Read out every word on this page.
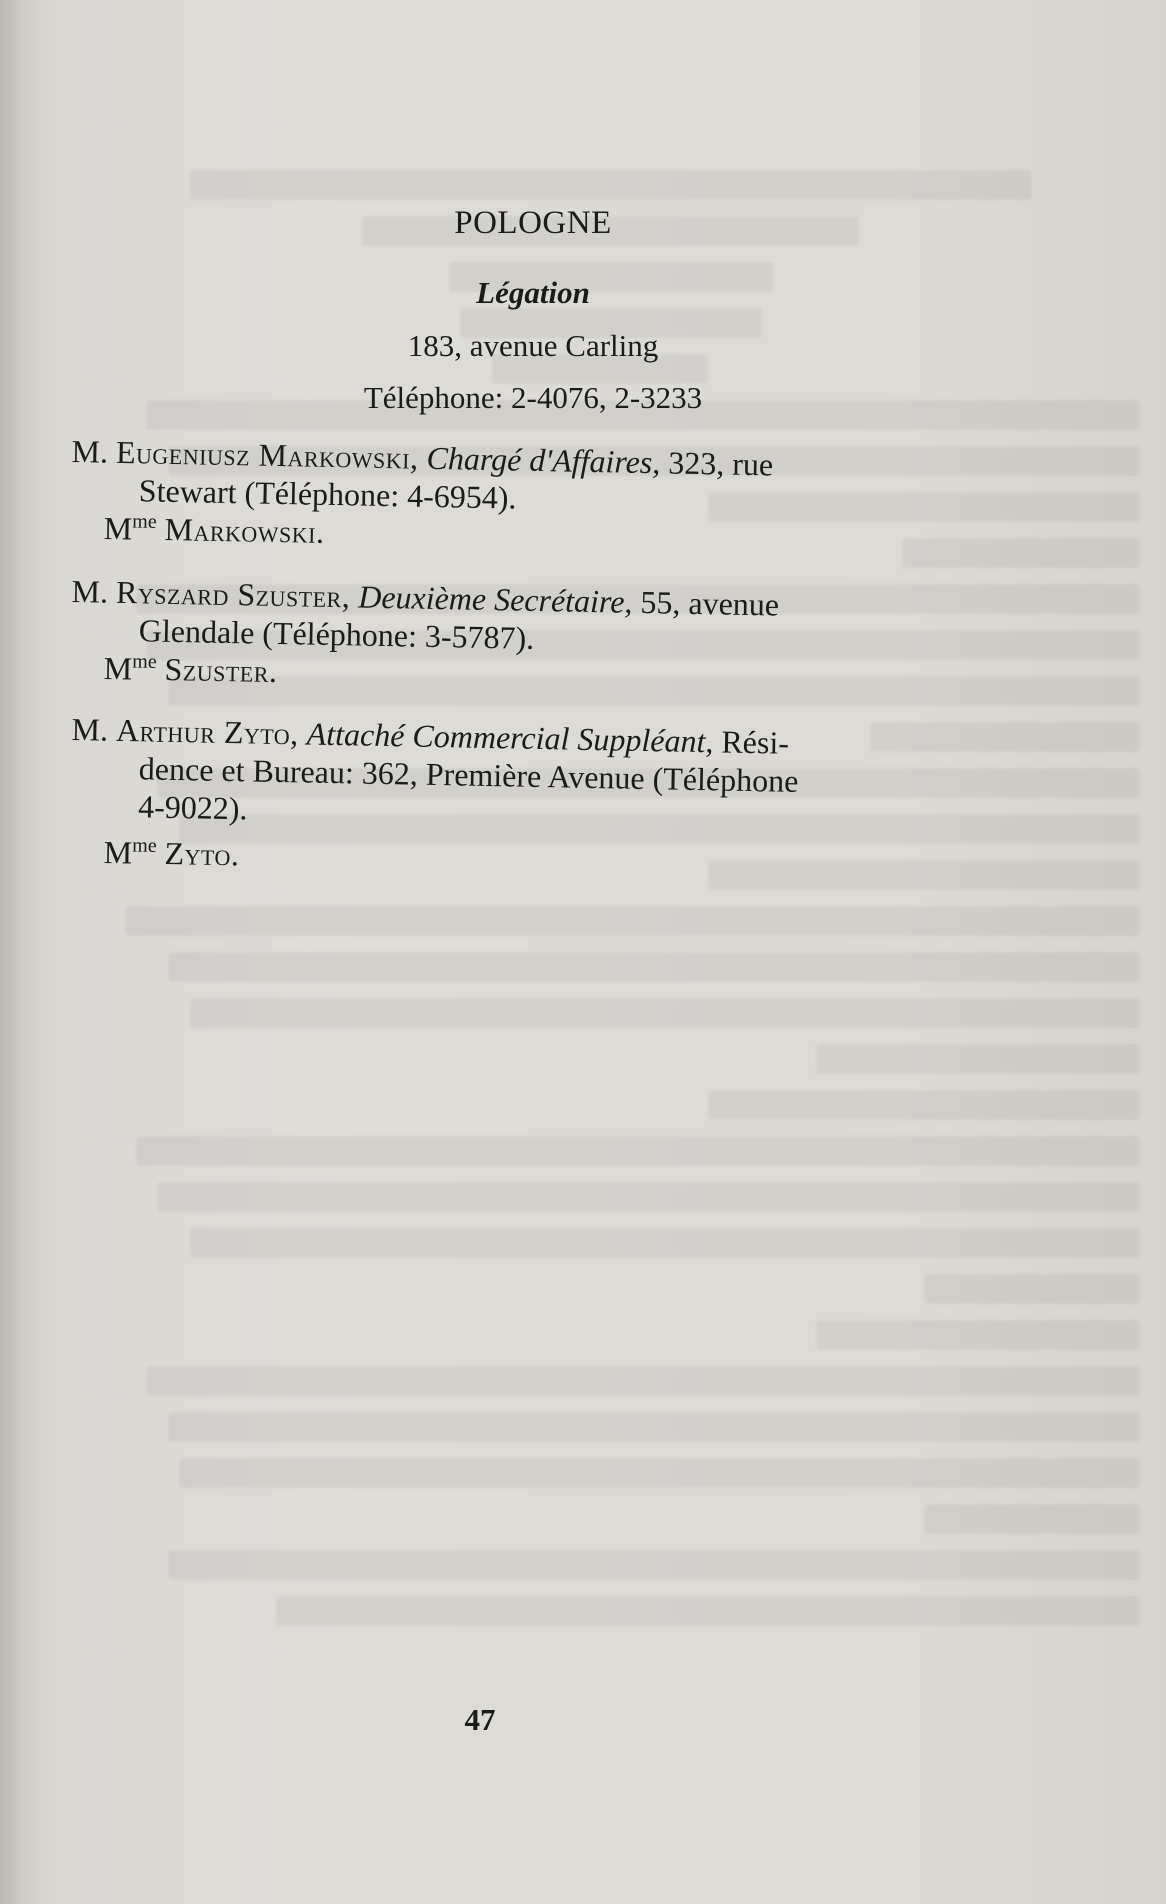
POLOGNE
Légation
183, avenue Carling
Téléphone: 2-4076, 2-3233
M. Eugeniusz Markowski, Chargé d'Affaires, 323, rue
Stewart (Téléphone: 4-6954).
$M^{me}$ Markowski.
M. Ryszard Szuster, Deuxième Secrétaire, 55, avenue
Glendale (Téléphone: 3-5787).
$M^{me}$ Szuster.
M. Arthur Zyto, Attaché Commercial Suppléant, Rési-
dence et Bureau: 362, Première Avenue (Téléphone
4-9022).
$M^{me}$ Zyto.
47
